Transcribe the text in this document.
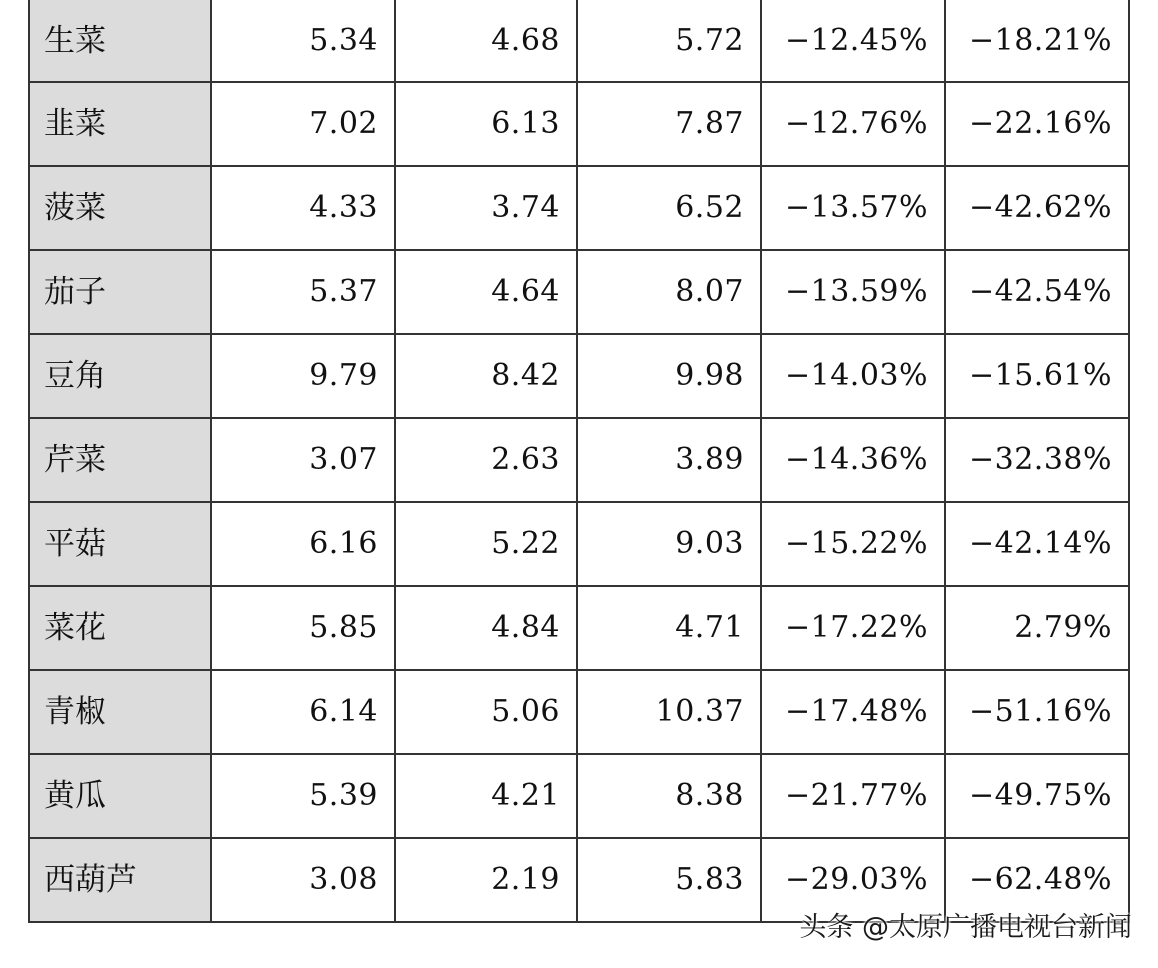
生菜	5.34	4.68	5.72	−12.45%	−18.21%
韭菜	7.02	6.13	7.87	−12.76%	−22.16%
菠菜	4.33	3.74	6.52	−13.57%	−42.62%
茄子	5.37	4.64	8.07	−13.59%	−42.54%
豆角	9.79	8.42	9.98	−14.03%	−15.61%
芹菜	3.07	2.63	3.89	−14.36%	−32.38%
平菇	6.16	5.22	9.03	−15.22%	−42.14%
菜花	5.85	4.84	4.71	−17.22%	2.79%
青椒	6.14	5.06	10.37	−17.48%	−51.16%
黄瓜	5.39	4.21	8.38	−21.77%	−49.75%
西葫芦	3.08	2.19	5.83	−29.03%	−62.48%
头条 @太原广播电视台新闻
